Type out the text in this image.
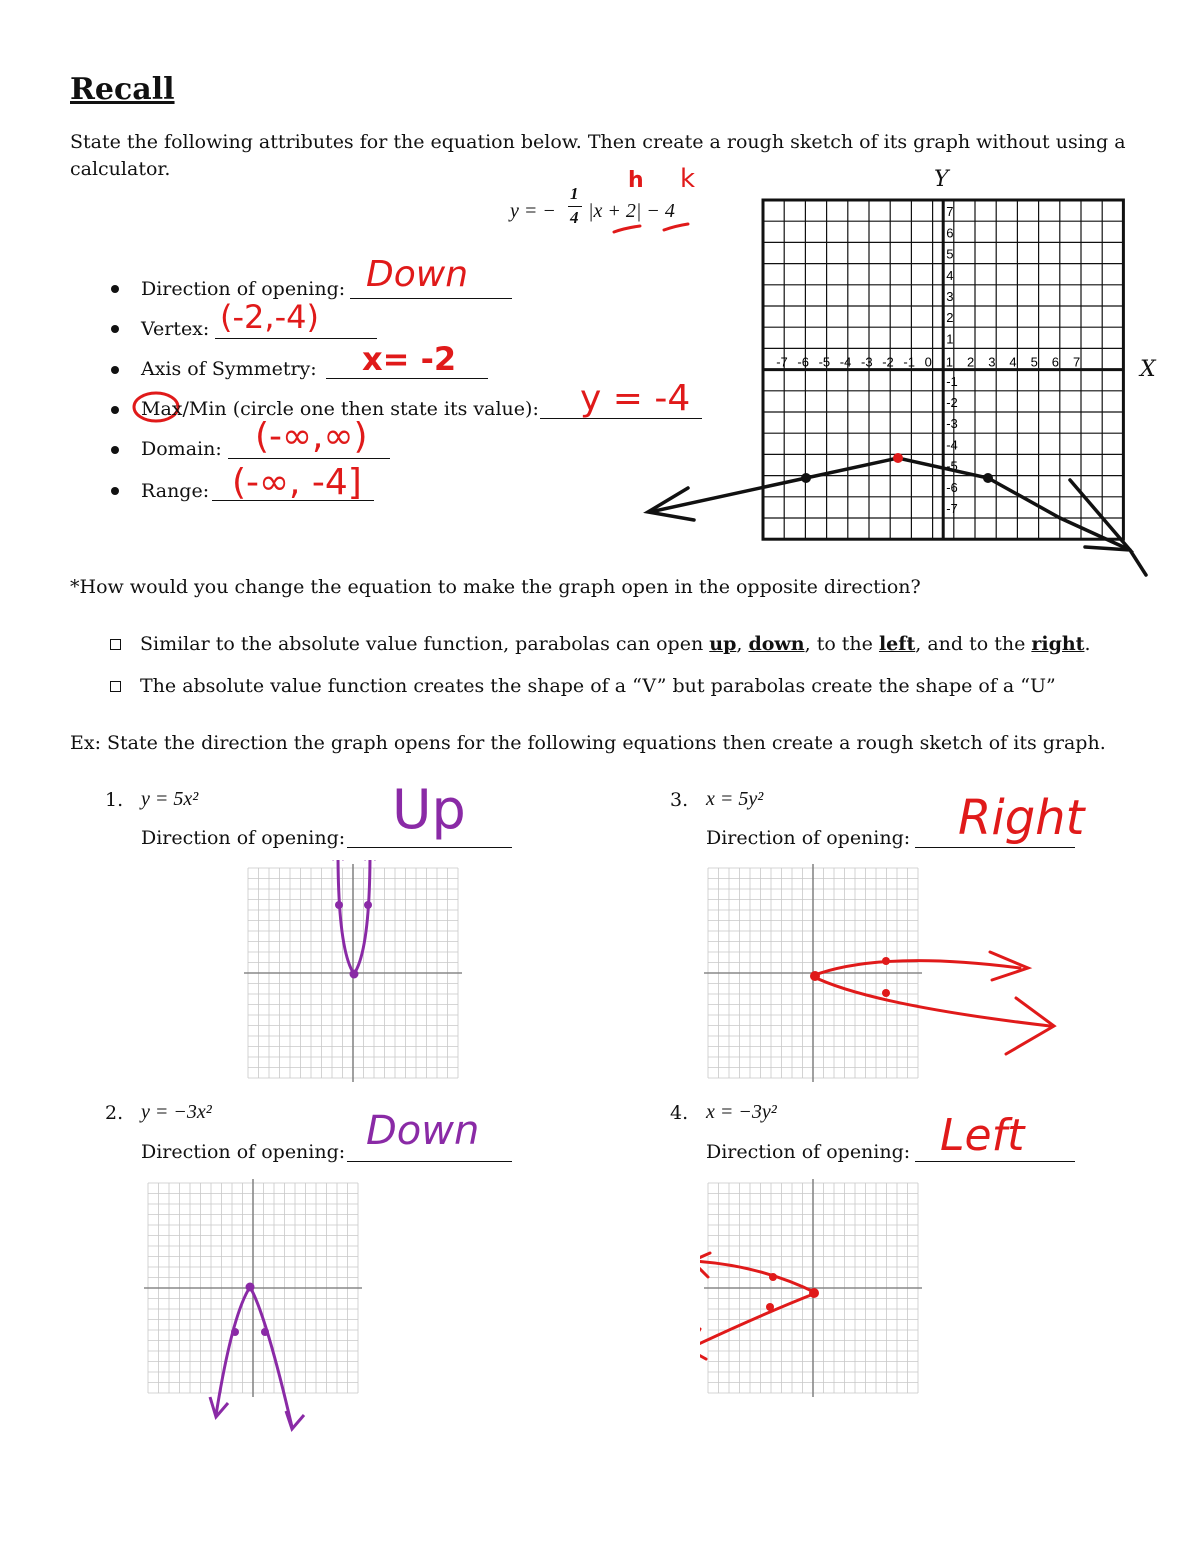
Recall
State the following attributes for the equation below. Then create a rough sketch of its graph without using a
calculator.
y = −
1
4 |x + 2| − 4
h k
Direction of opening: Down
Vertex: (-2,-4)
Axis of Symmetry: x= -2
Max/Min (circle one then state its value): y = -4
Domain: (-∞,∞)
Range: (-∞, -4]
-7 -6 -5 -4 -3 -2 -1 0 1 2 3 4 5 6 7
7
6
5
4
3
2
1
-1
-2
-3
-4
-5
-6
-7
Y
X
*How would you change the equation to make the graph open in the opposite direction?
Similar to the absolute value function, parabolas can open up, down, to the left, and to the right.
The absolute value function creates the shape of a “V” but parabolas create the shape of a “U”
Ex: State the direction the graph opens for the following equations then create a rough sketch of its graph.
1. y = 5x²
Direction of opening: Up
2. y = −3x²
Direction of opening: Down
3. x = 5y²
Direction of opening: Right
4. x = −3y²
Direction of opening: Left
